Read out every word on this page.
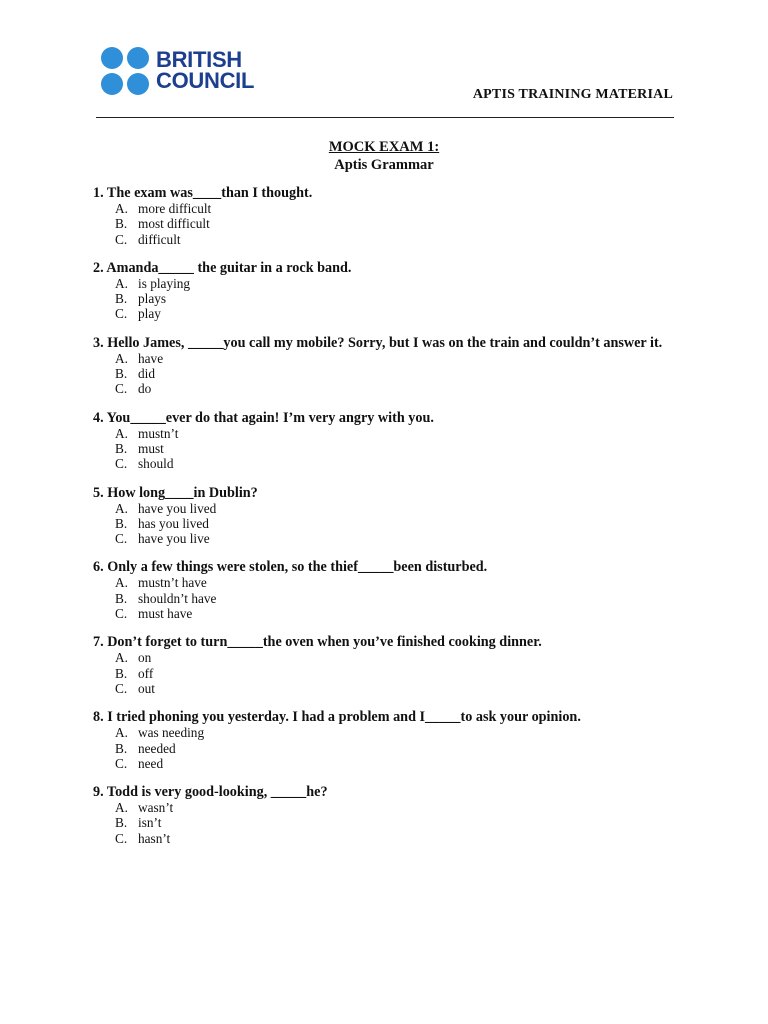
BRITISH
COUNCIL
APTIS TRAINING MATERIAL
MOCK EXAM 1:
Aptis Grammar
1. The exam was____than I thought.
A. more difficult
B. most difficult
C. difficult
2. Amanda_____ the guitar in a rock band.
A. is playing
B. plays
C. play
3. Hello James, _____you call my mobile? Sorry, but I was on the train and couldn’t answer it.
A. have
B. did
C. do
4. You_____ever do that again! I’m very angry with you.
A. mustn’t
B. must
C. should
5. How long____in Dublin?
A. have you lived
B. has you lived
C. have you live
6. Only a few things were stolen, so the thief_____been disturbed.
A. mustn’t have
B. shouldn’t have
C. must have
7. Don’t forget to turn_____the oven when you’ve finished cooking dinner.
A. on
B. off
C. out
8. I tried phoning you yesterday. I had a problem and I_____to ask your opinion.
A. was needing
B. needed
C. need
9. Todd is very good-looking, _____he?
A. wasn’t
B. isn’t
C. hasn’t
